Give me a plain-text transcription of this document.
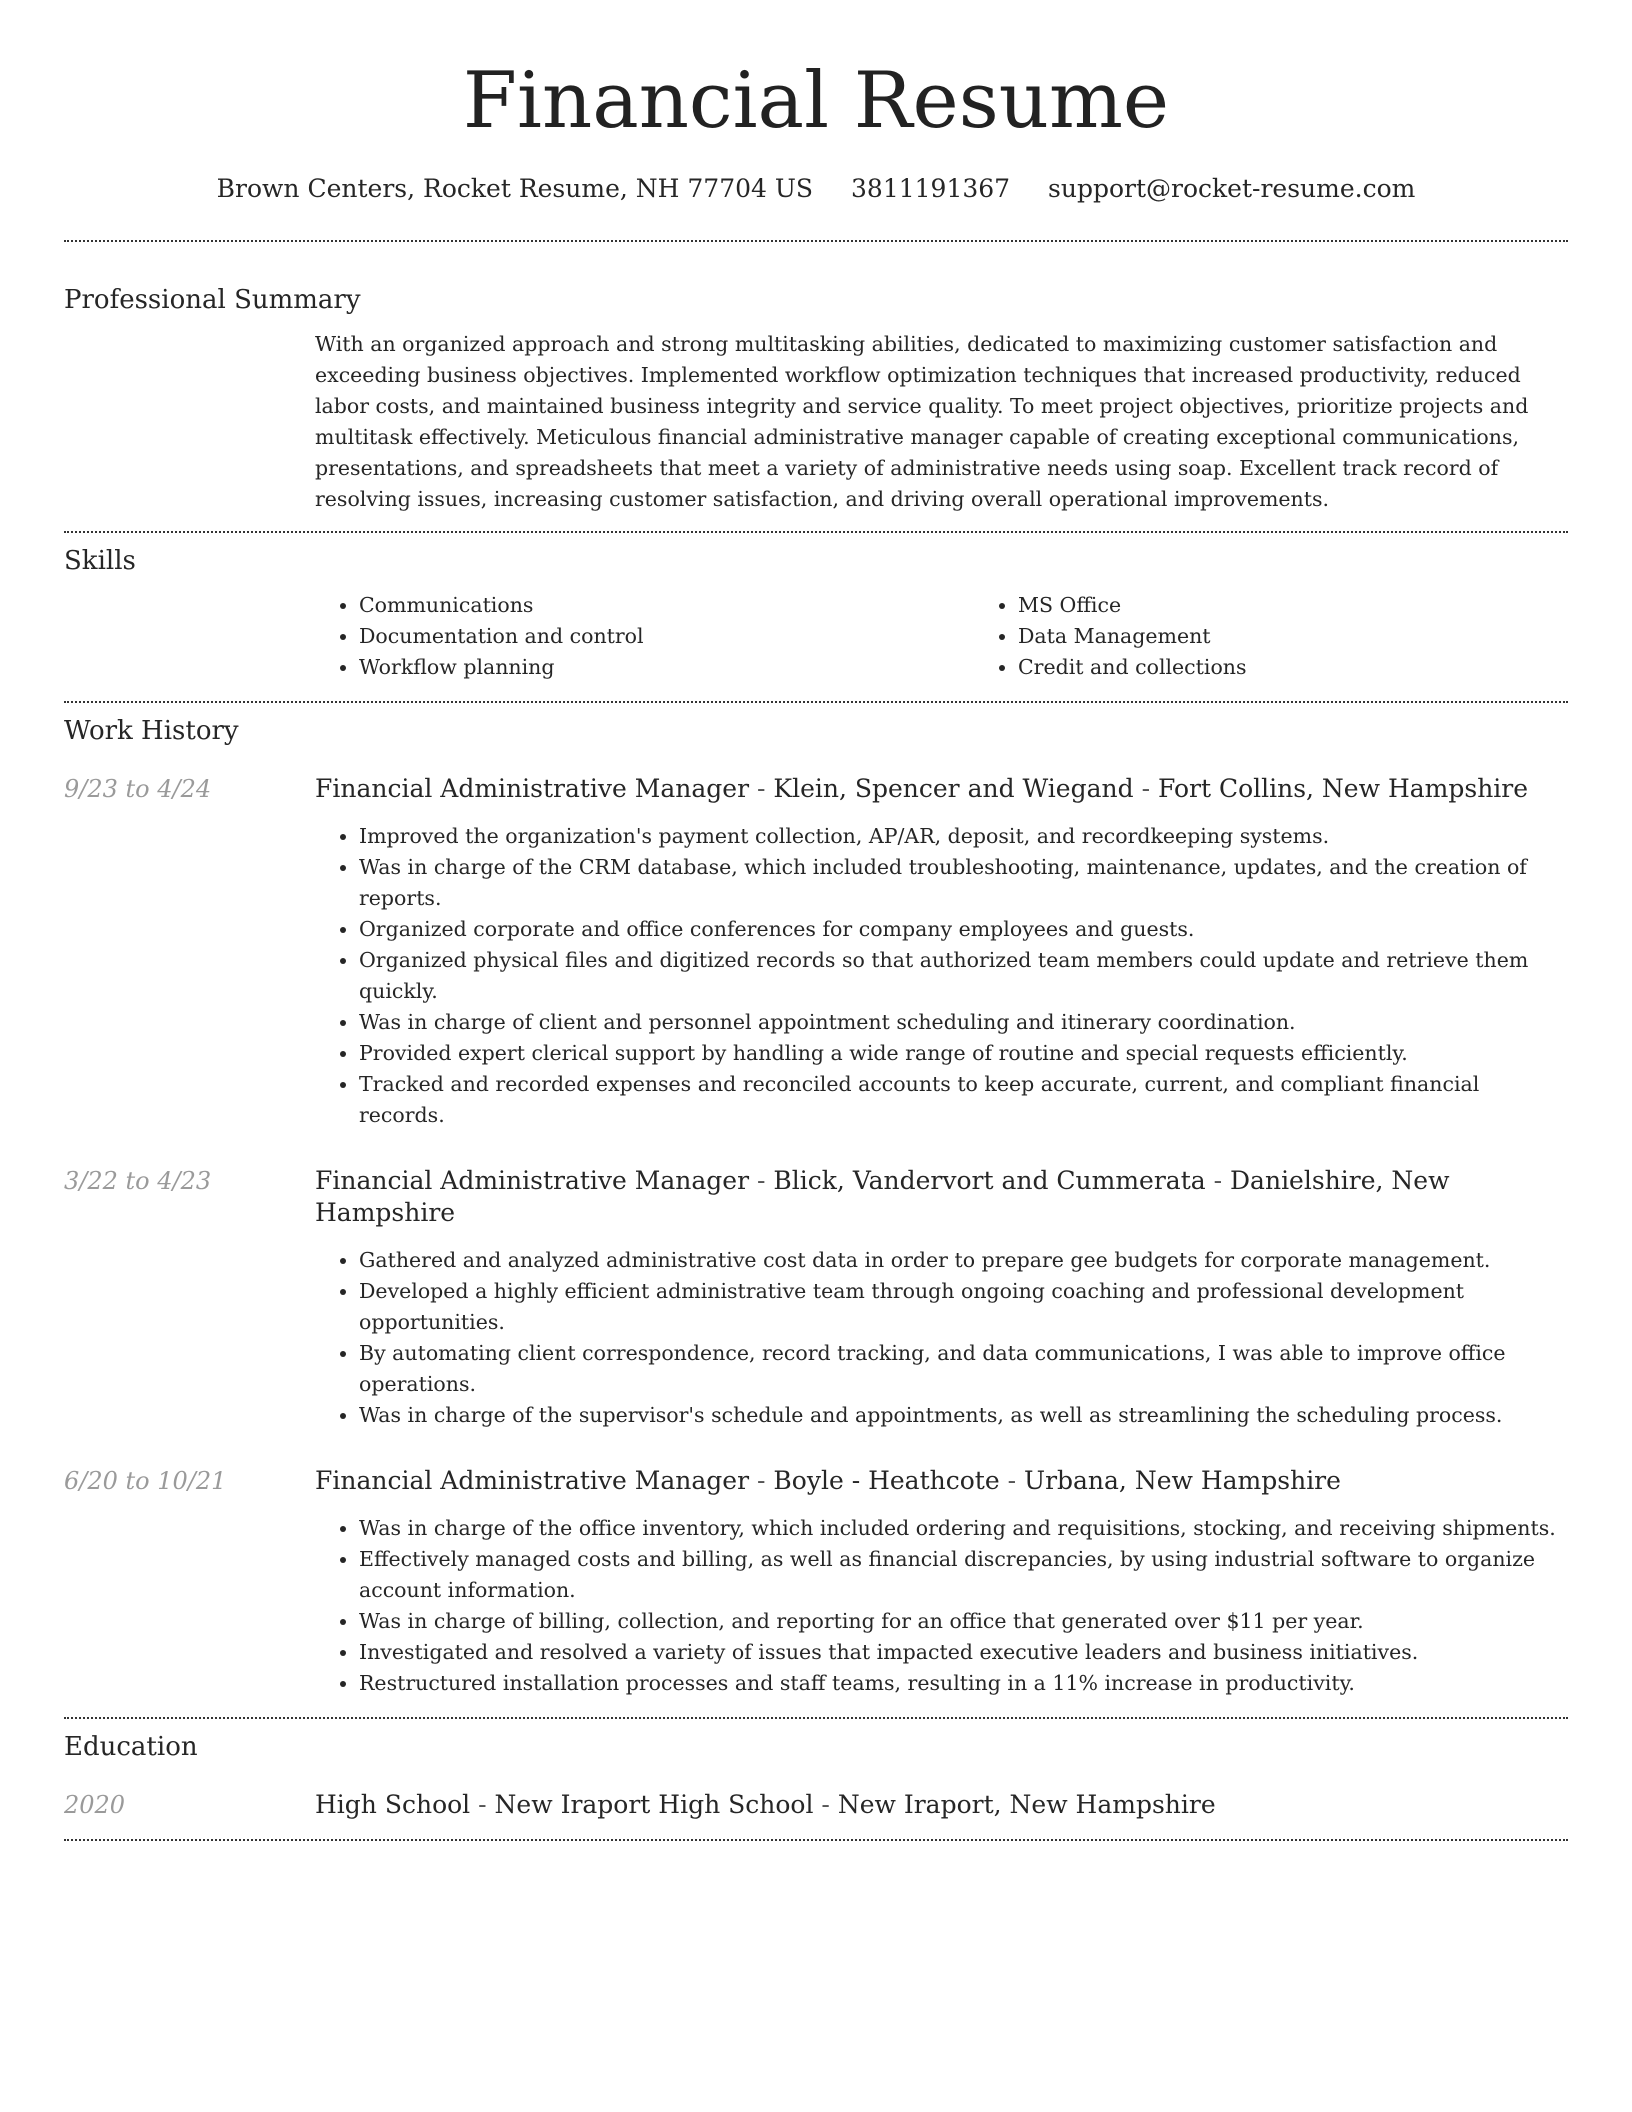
Financial Resume
Brown Centers, Rocket Resume, NH 77704 US 3811191367 support@rocket-resume.com
Professional Summary

With an organized approach and strong multitasking abilities, dedicated to maximizing customer satisfaction and exceeding business objectives. Implemented workflow optimization techniques that increased productivity, reduced labor costs, and maintained business integrity and service quality. To meet project objectives, prioritize projects and multitask effectively. Meticulous financial administrative manager capable of creating exceptional communications, presentations, and spreadsheets that meet a variety of administrative needs using soap. Excellent track record of resolving issues, increasing customer satisfaction, and driving overall operational improvements.

Skills
• Communications
• Documentation and control
• Workflow planning
• MS Office
• Data Management
• Credit and collections
Work History
9/23 to 4/24	Financial Administrative Manager - Klein, Spencer and Wiegand - Fort Collins, New Hampshire
• Improved the organization's payment collection, AP/AR, deposit, and recordkeeping systems.
• Was in charge of the CRM database, which included troubleshooting, maintenance, updates, and the creation of reports.
• Organized corporate and office conferences for company employees and guests.
• Organized physical files and digitized records so that authorized team members could update and retrieve them quickly.
• Was in charge of client and personnel appointment scheduling and itinerary coordination.
• Provided expert clerical support by handling a wide range of routine and special requests efficiently.
• Tracked and recorded expenses and reconciled accounts to keep accurate, current, and compliant financial records.
3/22 to 4/23	Financial Administrative Manager - Blick, Vandervort and Cummerata - Danielshire, New Hampshire
• Gathered and analyzed administrative cost data in order to prepare gee budgets for corporate management.
• Developed a highly efficient administrative team through ongoing coaching and professional development opportunities.
• By automating client correspondence, record tracking, and data communications, I was able to improve office operations.
• Was in charge of the supervisor's schedule and appointments, as well as streamlining the scheduling process.
6/20 to 10/21	Financial Administrative Manager - Boyle - Heathcote - Urbana, New Hampshire
• Was in charge of the office inventory, which included ordering and requisitions, stocking, and receiving shipments.
• Effectively managed costs and billing, as well as financial discrepancies, by using industrial software to organize account information.
• Was in charge of billing, collection, and reporting for an office that generated over $11 per year.
• Investigated and resolved a variety of issues that impacted executive leaders and business initiatives.
• Restructured installation processes and staff teams, resulting in a 11% increase in productivity.
Education
2020	High School - New Iraport High School - New Iraport, New Hampshire
